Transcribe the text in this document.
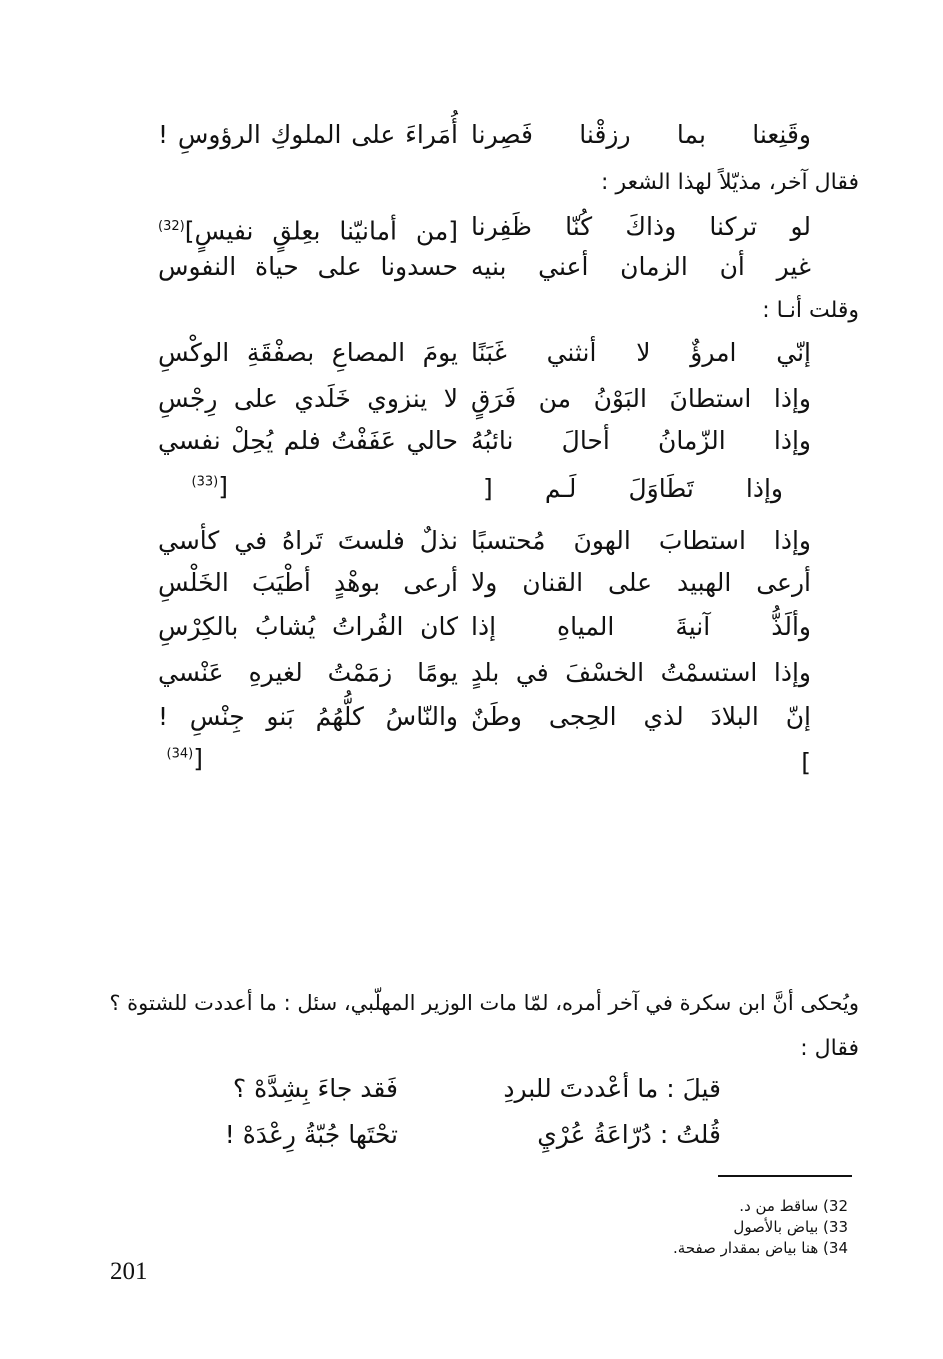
وقَنِعنا بما رزقْنا فَصِرنا
أُمَراءَ على الملوكِ الرؤوسِ !
فقال آخر، مذيّلاً لهذا الشعر :
لو تركنا وذاكَ كُنّا ظَفِرنا
[من أمانيّنا بعِلقٍ نفيسٍ]$^{(32)}$
غير أن الزمان أعني بنيه
حسدونا على حياة النفوس
وقلت أنـا :
إنّي امرؤٌ لا أنثني غَبَنًا
يومَ المصاعِ بصفْقَةِ الوكْسِ
وإذا استطانَ البَوْنُ من فَرَقٍ
لا ينزوي خَلَدي على رِجْسِ
وإذا الزّمانُ أحالَ نائبُهُ
حالي عَفَفْتُ فلم يُحِلْ نفسي
وإذا تَطَاوَلَ لَـم [
[$^{(33)}$
وإذا استطابَ الهونَ مُحتسبًا
نذلٌ فلستَ تَراهُ في كأسي
أرعى الهبيد على القنان ولا
أرعى بوهْدٍ أطْيَبَ الخَلْسِ
وألَذُّ آنيةَ المياهِ إذا
كان الفُراتُ يُشابُ بالكِرْسِ
وإذا استسمْتُ الخسْفَ في بلدٍ
يومًا زمَمْتُ لغيرهِ عَنْسي
إنّ البلادَ لذي الحِجى وطَنٌ
والنّاسُ كلُّهُمُ بَنو جِنْسِ !
]
[$^{(34)}$
ويُحكى أنَّ ابن سكرة في آخر أمره، لمّا مات الوزير المهلّبي، سئل : ما أعددت للشتوة ؟
فقال :
قيلَ : ما أعْددتَ للبردِ
فَقد جاءَ بِشِدَّهْ ؟
قُلتُ : دُرّاعَةُ عُرْيِ
تحْتَها جُبّةُ رِعْدَهْ !
32) ساقط من د.
33) بياض بالأصول
34) هنا بياض بمقدار صفحة.
201
